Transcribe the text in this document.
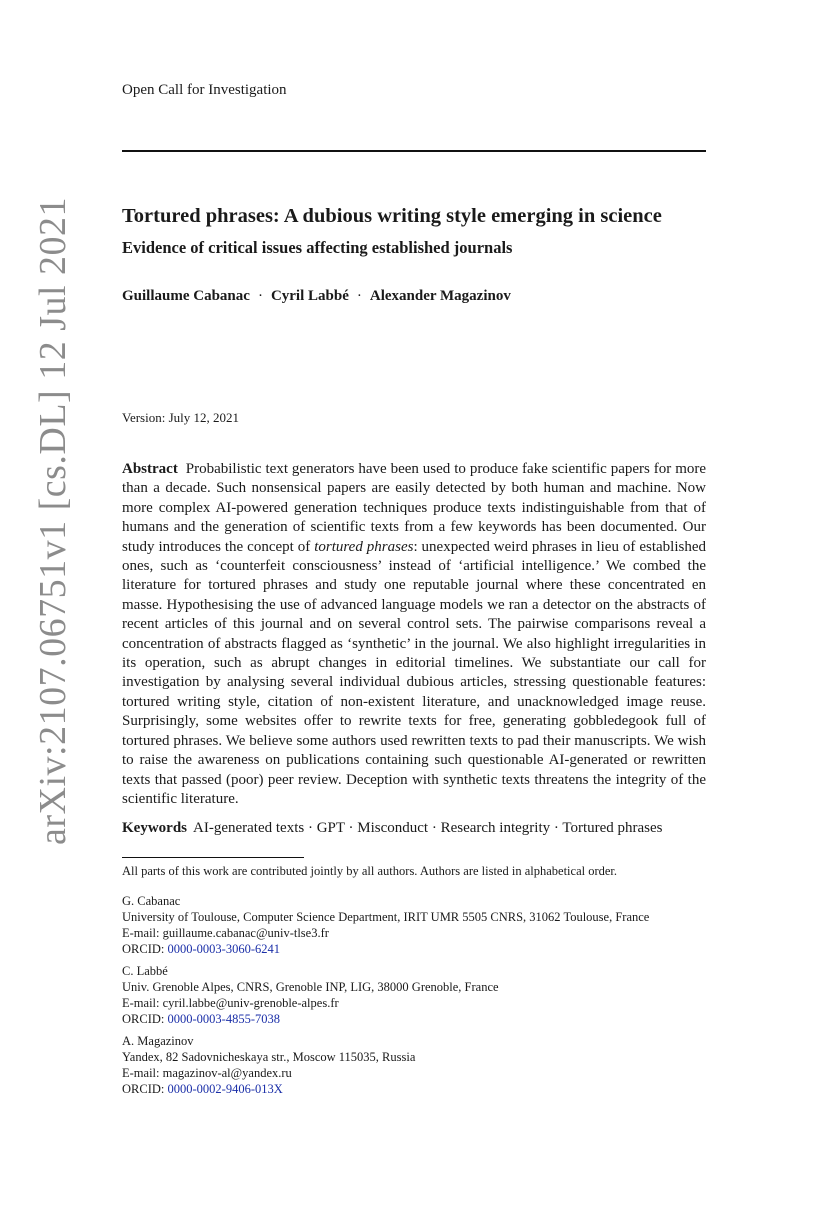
arXiv:2107.06751v1 [cs.DL] 12 Jul 2021
Open Call for Investigation
Tortured phrases: A dubious writing style emerging in science
Evidence of critical issues affecting established journals
Guillaume Cabanac · Cyril Labbé · Alexander Magazinov
Version: July 12, 2021
Abstract Probabilistic text generators have been used to produce fake scientific papers for more than a decade. Such nonsensical papers are easily detected by both human and machine. Now more complex AI-powered generation techniques produce texts indistinguishable from that of humans and the generation of scientific texts from a few keywords has been documented. Our study introduces the concept of tortured phrases: unexpected weird phrases in lieu of established ones, such as ‘counterfeit consciousness’ instead of ‘artificial intelligence.’ We combed the literature for tortured phrases and study one reputable journal where these concentrated en masse. Hypothesising the use of advanced language models we ran a detector on the abstracts of recent articles of this journal and on several control sets. The pairwise comparisons reveal a concentration of abstracts flagged as ‘synthetic’ in the journal. We also highlight irregularities in its operation, such as abrupt changes in editorial timelines. We substantiate our call for investigation by analysing several individual dubious articles, stressing questionable features: tortured writing style, citation of non-existent literature, and unacknowledged image reuse. Surprisingly, some websites offer to rewrite texts for free, generating gobbledegook full of tortured phrases. We believe some authors used rewritten texts to pad their manuscripts. We wish to raise the awareness on publications containing such questionable AI-generated or rewritten texts that passed (poor) peer review. Deception with synthetic texts threatens the integrity of the scientific literature.
Keywords AI-generated texts · GPT · Misconduct · Research integrity · Tortured phrases
All parts of this work are contributed jointly by all authors. Authors are listed in alphabetical order.
G. Cabanac
University of Toulouse, Computer Science Department, IRIT UMR 5505 CNRS, 31062 Toulouse, France
E-mail: guillaume.cabanac@univ-tlse3.fr
ORCID: 0000-0003-3060-6241
C. Labbé
Univ. Grenoble Alpes, CNRS, Grenoble INP, LIG, 38000 Grenoble, France
E-mail: cyril.labbe@univ-grenoble-alpes.fr
ORCID: 0000-0003-4855-7038
A. Magazinov
Yandex, 82 Sadovnicheskaya str., Moscow 115035, Russia
E-mail: magazinov-al@yandex.ru
ORCID: 0000-0002-9406-013X
